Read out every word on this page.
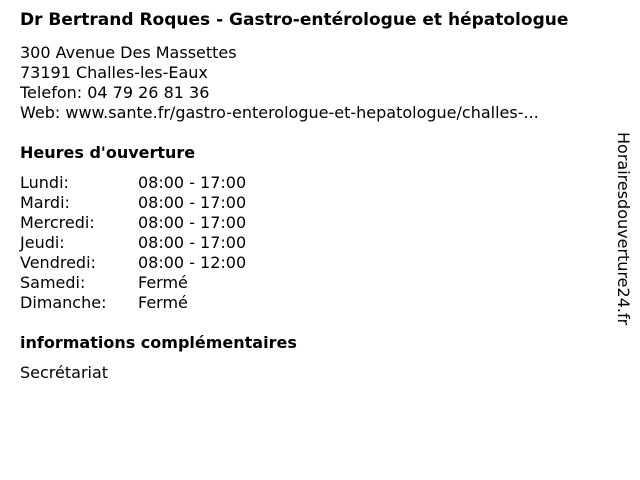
Dr Bertrand Roques - Gastro-entérologue et hépatologue
300 Avenue Des Massettes
73191 Challes-les-Eaux
Telefon: 04 79 26 81 36
Web: www.sante.fr/gastro-enterologue-et-hepatologue/challes-...
Heures d'ouverture
Lundi:	08:00 - 17:00
Mardi:	08:00 - 17:00
Mercredi:	08:00 - 17:00
Jeudi:	08:00 - 17:00
Vendredi:	08:00 - 12:00
Samedi:	Fermé
Dimanche:	Fermé
informations complémentaires
Secrétariat
Horairesdouverture24.fr
